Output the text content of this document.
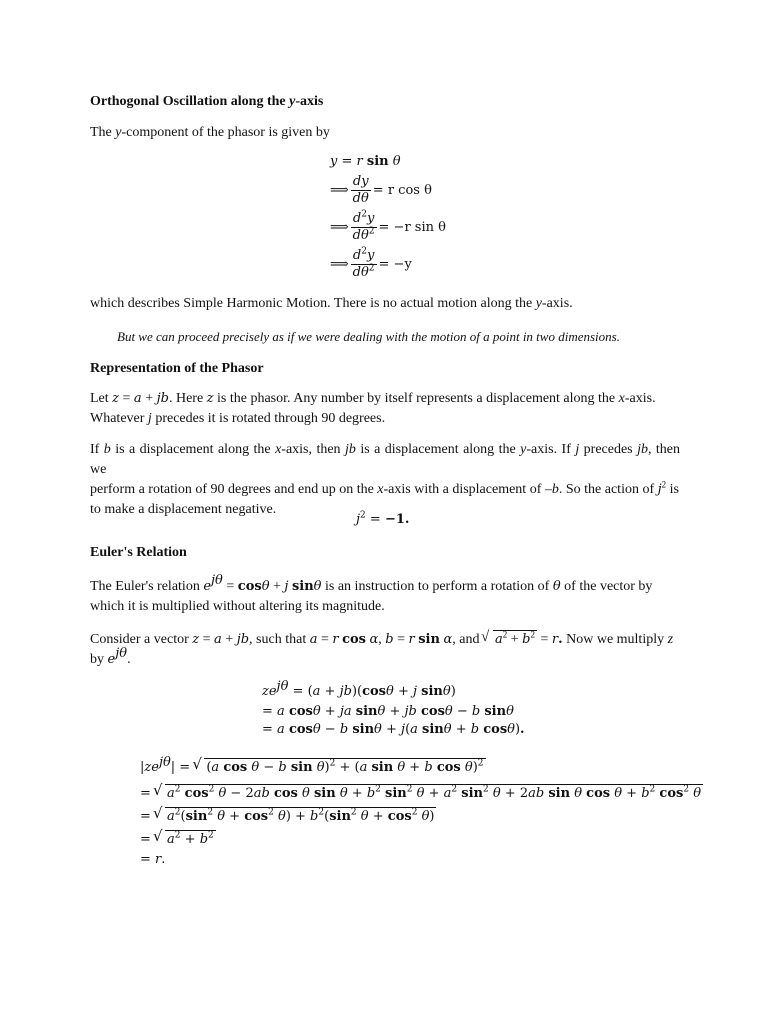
Orthogonal Oscillation along the y-axis
The y-component of the phasor is given by
y = r sin θ
⟹ $\frac{dy}{d\theta} = r$ cos θ
⟹ $\frac{d^2y}{d\theta^2} = -r$ sin θ
⟹ $\frac{d^2y}{d\theta^2} = -y$
which describes Simple Harmonic Motion. There is no actual motion along the y-axis.
But we can proceed precisely as if we were dealing with the motion of a point in two dimensions.
Representation of the Phasor
Let z = a + jb. Here z is the phasor. Any number by itself represents a displacement along the x-axis.
Whatever j precedes it is rotated through 90 degrees.
If b is a displacement along the x-axis, then jb is a displacement along the y-axis. If j precedes jb, then we
perform a rotation of 90 degrees and end up on the x-axis with a displacement of –b. So the action of $j^2$ is
to make a displacement negative.
$j^2 = -1$.
Euler's Relation
The Euler's relation $e^{j\theta} = \cos\theta + j$ sinθ is an instruction to perform a rotation of θ of the vector by
which it is multiplied without altering its magnitude.
Consider a vector z = a + jb, such that a = r cos α, b = r sin α, and √ $a^2 + b^2 = r$. Now we multiply z
by $e^{j\theta}$.
$ze^{j\theta} = (a + jb)(\cos\theta + j$ sinθ)
= a cosθ + ja sinθ + jb cosθ − b sinθ
= a cosθ − b sinθ + j(a sinθ + b cosθ).
$|ze^{j\theta}|$ = √ (a cos θ − b sin θ)$^2$ + (a sin θ + b cos θ)$^2$
= √ $a^2$ $\cos^2 \theta - 2ab$ cos θ $\sin \theta + b^2$ $\sin^2 \theta + a^2$ $\sin^2 \theta + 2ab$ sin θ $\cos \theta + b^2$ $\cos^2 \theta$
= √ $a^2(\sin^2$ $\theta + \cos^2 \theta) + b^2(\sin^2$ $\theta + \cos^2 \theta$)
= √ $a^2 + b^2$
= r.
